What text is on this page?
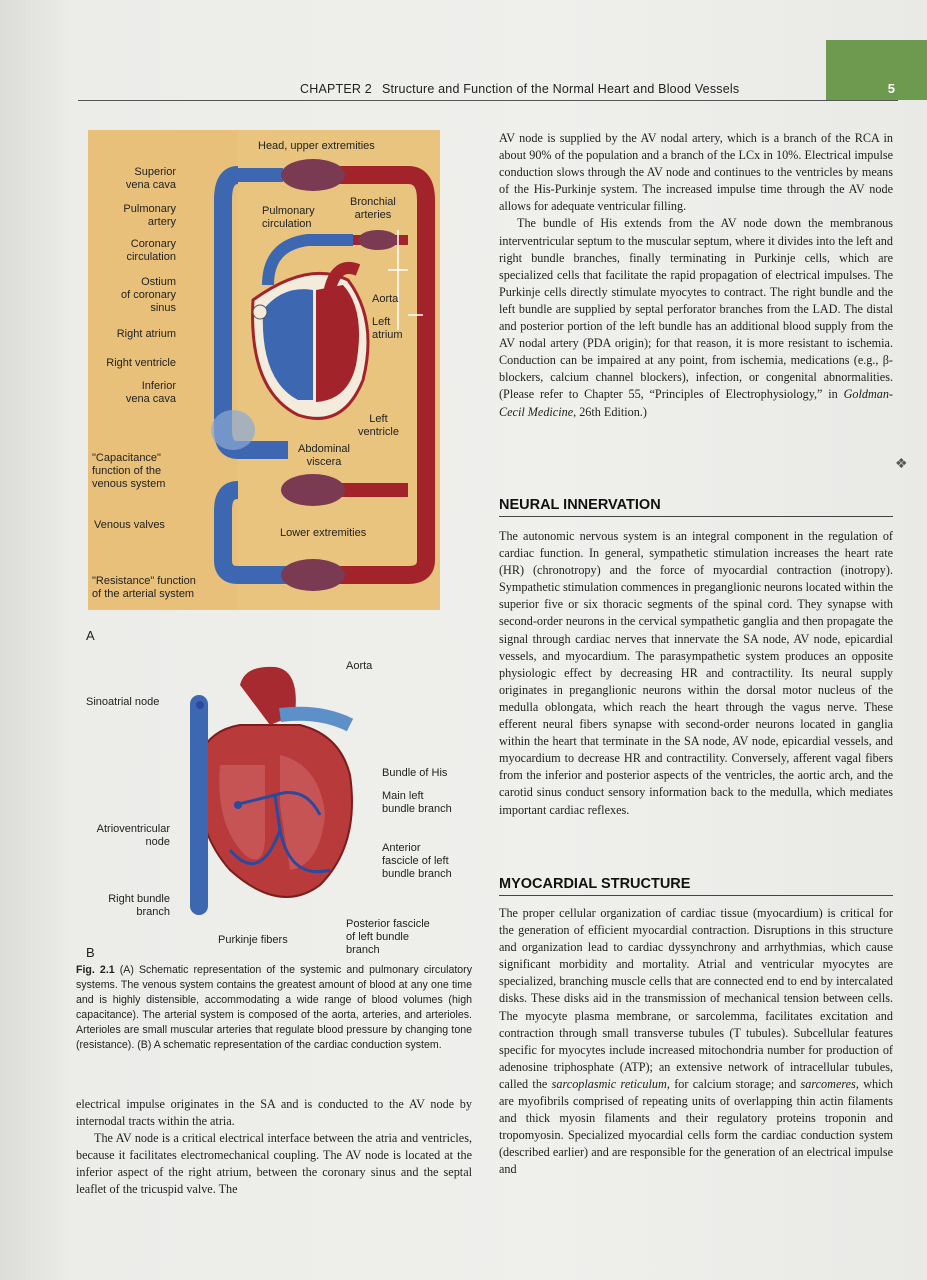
CHAPTER 2 Structure and Function of the Normal Heart and Blood Vessels	5
Head, upper extremities
Superior
vena cava
Pulmonary
artery
Pulmonary
circulation
Bronchial
arteries
Coronary
circulation
Ostium
of coronary
sinus
Aorta
Left
atrium
Right atrium
Right ventricle
Inferior
vena cava
Left
ventricle
Abdominal
viscera
"Capacitance"
function of the
venous system
Venous valves
Lower extremities
"Resistance" function
of the arterial system
A
Aorta
Sinoatrial node
Bundle of His
Main left
bundle branch
Atrioventricular
node	Anterior
fascicle of left
bundle branch
Right bundle
branch
Posterior fascicle
of left bundle
branch
Purkinje fibers
B
Fig. 2.1 (A) Schematic representation of the systemic and pulmonary circulatory systems. The venous system contains the greatest amount of blood at any one time and is highly distensible, accommodating a wide range of blood volumes (high capacitance). The arterial system is composed of the aorta, arteries, and arterioles. Arterioles are small muscular arteries that regulate blood pressure by changing tone (resistance). (B) A schematic representation of the cardiac conduction system.

electrical impulse originates in the SA and is conducted to the AV node by internodal tracts within the atria.

The AV node is a critical electrical interface between the atria and ventricles, because it facilitates electromechanical coupling. The AV node is located at the inferior aspect of the right atrium, between the coronary sinus and the septal leaflet of the tricuspid valve. The

AV node is supplied by the AV nodal artery, which is a branch of the RCA in about 90% of the population and a branch of the LCx in 10%. Electrical impulse conduction slows through the AV node and continues to the ventricles by means of the His-Purkinje system. The increased impulse time through the AV node allows for adequate ventricular filling.

The bundle of His extends from the AV node down the membranous interventricular septum to the muscular septum, where it divides into the left and right bundle branches, finally terminating in Purkinje cells, which are specialized cells that facilitate the rapid propagation of electrical impulses. The Purkinje cells directly stimulate myocytes to contract. The right bundle and the left bundle are supplied by septal perforator branches from the LAD. The distal and posterior portion of the left bundle has an additional blood supply from the AV nodal artery (PDA origin); for that reason, it is more resistant to ischemia. Conduction can be impaired at any point, from ischemia, medications (e.g., β-blockers, calcium channel blockers), infection, or congenital abnormalities. (Please refer to Chapter 55, “Principles of Electrophysiology,” in Goldman-Cecil Medicine, 26th Edition.)

❖
NEURAL INNERVATION

The autonomic nervous system is an integral component in the regulation of cardiac function. In general, sympathetic stimulation increases the heart rate (HR) (chronotropy) and the force of myocardial contraction (inotropy). Sympathetic stimulation commences in preganglionic neurons located within the superior five or six thoracic segments of the spinal cord. They synapse with second-order neurons in the cervical sympathetic ganglia and then propagate the signal through cardiac nerves that innervate the SA node, AV node, epicardial vessels, and myocardium. The parasympathetic system produces an opposite physiologic effect by decreasing HR and contractility. Its neural supply originates in preganglionic neurons within the dorsal motor nucleus of the medulla oblongata, which reach the heart through the vagus nerve. These efferent neural fibers synapse with second-order neurons located in ganglia within the heart that terminate in the SA node, AV node, epicardial vessels, and myocardium to decrease HR and contractility. Conversely, afferent vagal fibers from the inferior and posterior aspects of the ventricles, the aortic arch, and the carotid sinus conduct sensory information back to the medulla, which mediates important cardiac reflexes.

MYOCARDIAL STRUCTURE

The proper cellular organization of cardiac tissue (myocardium) is critical for the generation of efficient myocardial contraction. Disruptions in this structure and organization lead to cardiac dyssynchrony and arrhythmias, which cause significant morbidity and mortality. Atrial and ventricular myocytes are specialized, branching muscle cells that are connected end to end by intercalated disks. These disks aid in the transmission of mechanical tension between cells. The myocyte plasma membrane, or sarcolemma, facilitates excitation and contraction through small transverse tubules (T tubules). Subcellular features specific for myocytes include increased mitochondria number for production of adenosine triphosphate (ATP); an extensive network of intracellular tubules, called the sarcoplasmic reticulum, for calcium storage; and sarcomeres, which are myofibrils comprised of repeating units of overlapping thin actin filaments and thick myosin filaments and their regulatory proteins troponin and tropomyosin. Specialized myocardial cells form the cardiac conduction system (described earlier) and are responsible for the generation of an electrical impulse and
